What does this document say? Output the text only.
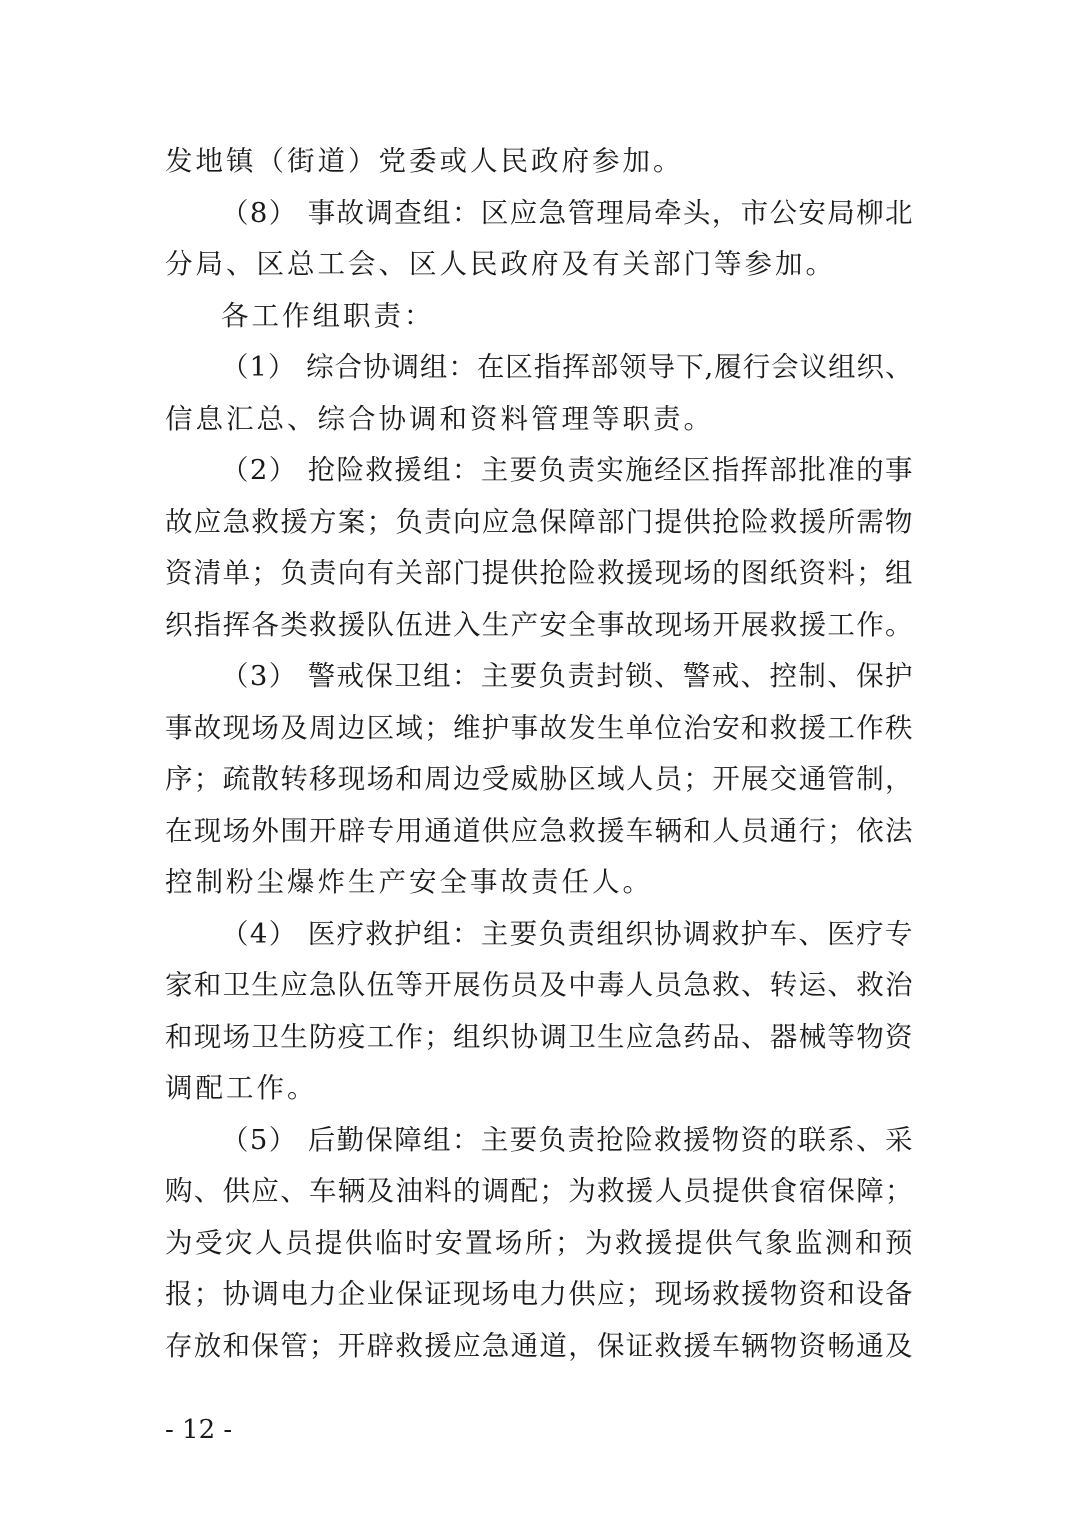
发地镇（街道）党委或人民政府参加。
（8） 事故调查组：区应急管理局牵头，市公安局柳北
分局、区总工会、区人民政府及有关部门等参加。
各工作组职责：
（1） 综合协调组：在区指挥部领导下,履行会议组织、
信息汇总、综合协调和资料管理等职责。
（2） 抢险救援组：主要负责实施经区指挥部批准的事
故应急救援方案；负责向应急保障部门提供抢险救援所需物
资清单；负责向有关部门提供抢险救援现场的图纸资料；组
织指挥各类救援队伍进入生产安全事故现场开展救援工作。
（3） 警戒保卫组：主要负责封锁、警戒、控制、保护
事故现场及周边区域；维护事故发生单位治安和救援工作秩
序；疏散转移现场和周边受威胁区域人员；开展交通管制，
在现场外围开辟专用通道供应急救援车辆和人员通行；依法
控制粉尘爆炸生产安全事故责任人。
（4） 医疗救护组：主要负责组织协调救护车、医疗专
家和卫生应急队伍等开展伤员及中毒人员急救、转运、救治
和现场卫生防疫工作；组织协调卫生应急药品、器械等物资
调配工作。
（5） 后勤保障组：主要负责抢险救援物资的联系、采
购、供应、车辆及油料的调配；为救援人员提供食宿保障；
为受灾人员提供临时安置场所；为救援提供气象监测和预
报；协调电力企业保证现场电力供应；现场救援物资和设备
存放和保管；开辟救援应急通道，保证救援车辆物资畅通及
- 12 -
